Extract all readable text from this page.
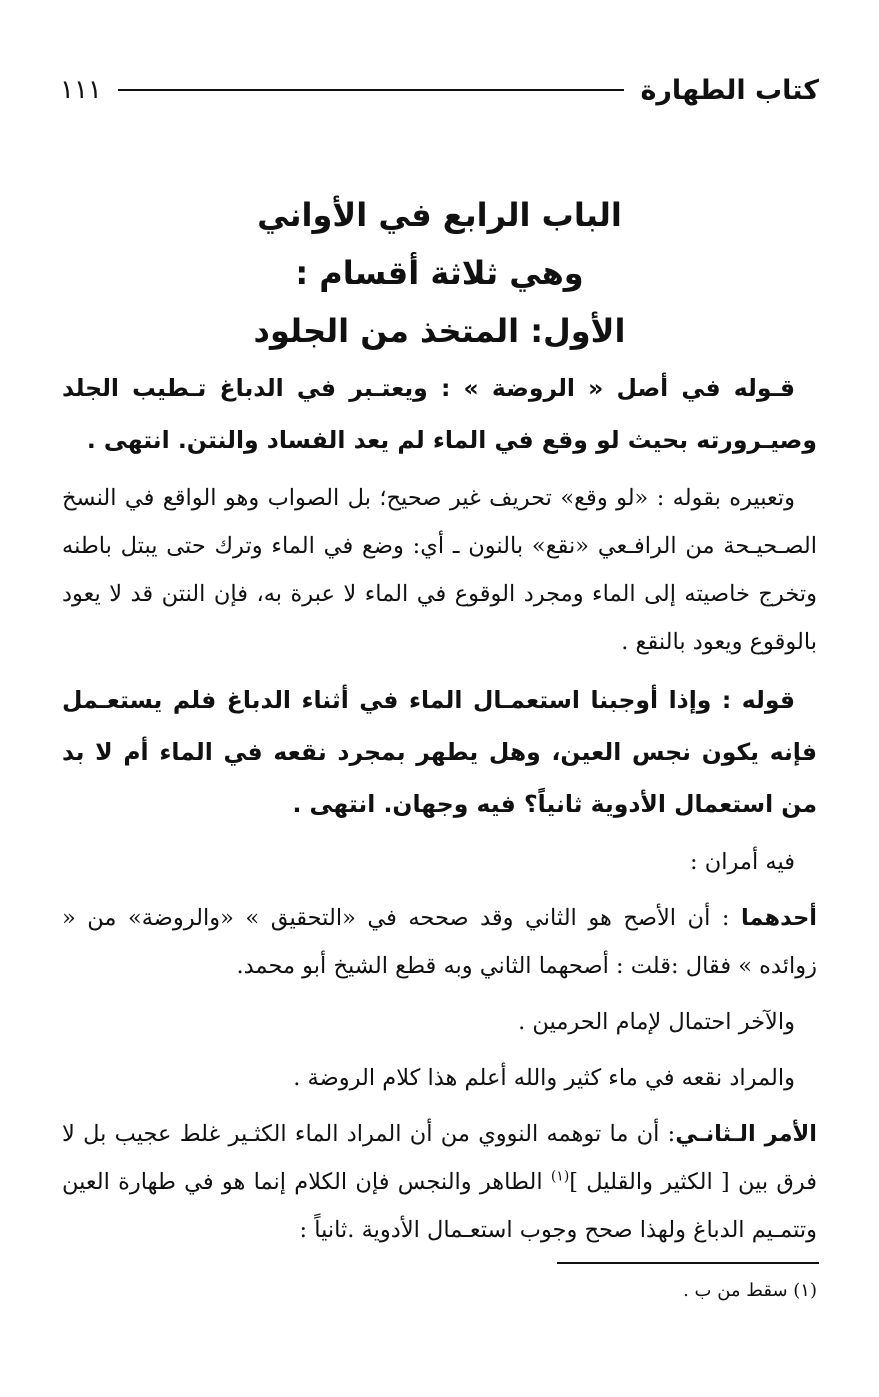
كتاب الطهارة
١١١
الباب الرابع في الأواني
وهي ثلاثة أقسام :
الأول: المتخذ من الجلود

قـوله في أصل « الروضة » : ويعتـبر في الدباغ تـطيب الجلد وصيـرورته بحيث لو وقع في الماء لم يعد الفساد والنتن. انتهى .

وتعبيره بقوله : «لو وقع» تحريف غير صحيح؛ بل الصواب وهو الواقع في النسخ الصـحيـحة من الرافـعي «نقع» بالنون ـ أي: وضع في الماء وترك حتى يبتل باطنه وتخرج خاصيته إلى الماء ومجرد الوقوع في الماء لا عبرة به، فإن النتن قد لا يعود بالوقوع ويعود بالنقع .

قوله : وإذا أوجبنا استعمـال الماء في أثناء الدباغ فلم يستعـمل فإنه يكون نجس العين، وهل يطهر بمجرد نقعه في الماء أم لا بد من استعمال الأدوية ثانياً؟ فيه وجهان. انتهى .

فيه أمران :

أحدهما : أن الأصح هو الثاني وقد صححه في «التحقيق » «والروضة» من « زوائده » فقال :قلت : أصحهما الثاني وبه قطع الشيخ أبو محمد.

والآخر احتمال لإمام الحرمين .

والمراد نقعه في ماء كثير والله أعلم هذا كلام الروضة .

الأمر الـثانـي: أن ما توهمه النووي من أن المراد الماء الكثـير غلط عجيب بل لا فرق بين [ الكثير والقليل ]$^{(١)}$ الطاهر والنجس فإن الكلام إنما هو في طهارة العين وتتمـيم الدباغ ولهذا صحح وجوب استعـمال الأدوية .ثانياً :

(١) سقط من ب .
